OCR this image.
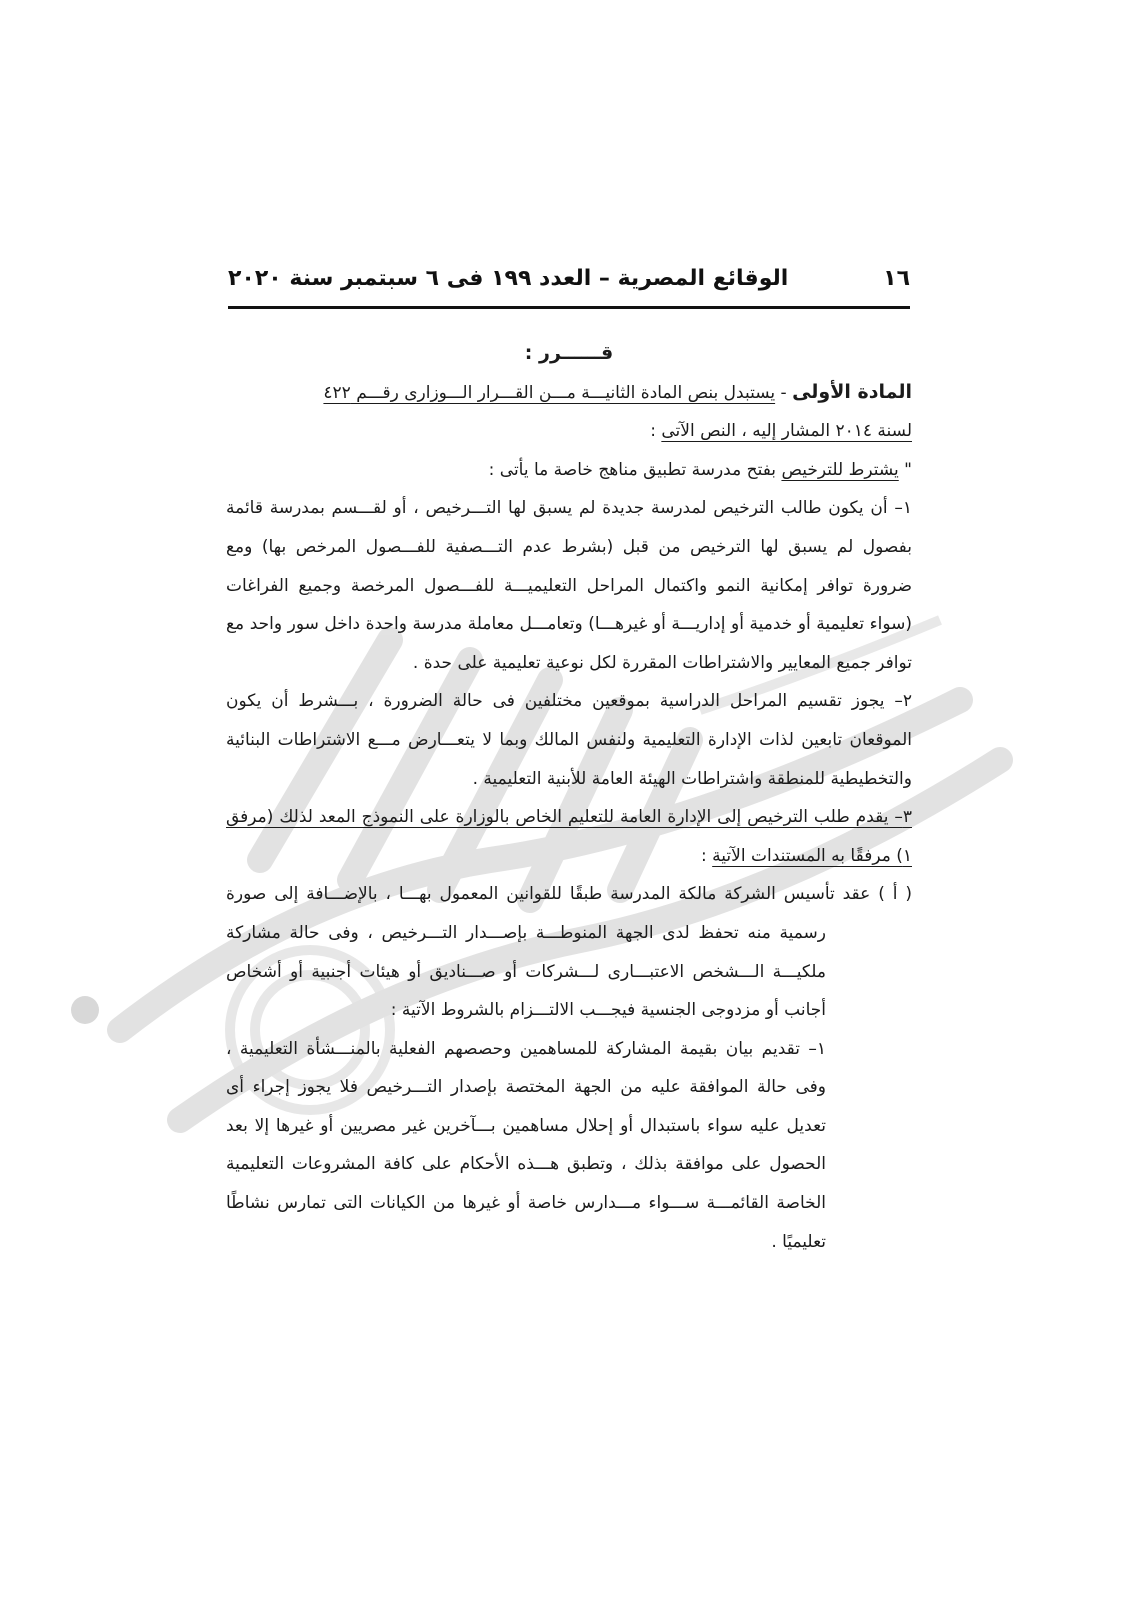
١٦
الوقائع المصرية – العدد ١٩٩ فى ٦ سبتمبر سنة ٢٠٢٠

قــــــرر :

المادة الأولى - يستبدل بنص المادة الثانيـــة مـــن القـــرار الـــوزارى رقـــم ٤٢٢
لسنة ٢٠١٤ المشار إليه ، النص الآتى :

" يشترط للترخيص بفتح مدرسة تطبيق مناهج خاصة ما يأتى :

١– أن يكون طالب الترخيص لمدرسة جديدة لم يسبق لها التـــرخيص ، أو لقـــسم بمدرسة قائمة بفصول لم يسبق لها الترخيص من قبل (بشرط عدم التـــصفية للفـــصول المرخص بها) ومع ضرورة توافر إمكانية النمو واكتمال المراحل التعليميـــة للفـــصول المرخصة وجميع الفراغات (سواء تعليمية أو خدمية أو إداريـــة أو غيرهـــا) وتعامـــل معاملة مدرسة واحدة داخل سور واحد مع توافر جميع المعايير والاشتراطات المقررة لكل نوعية تعليمية على حدة .

٢– يجوز تقسيم المراحل الدراسية بموقعين مختلفين فى حالة الضرورة ، بـــشرط أن يكون الموقعان تابعين لذات الإدارة التعليمية ولنفس المالك وبما لا يتعـــارض مـــع الاشتراطات البنائية والتخطيطية للمنطقة واشتراطات الهيئة العامة للأبنية التعليمية .

٣– يقدم طلب الترخيص إلى الإدارة العامة للتعليم الخاص بالوزارة على النموذج المعد لذلك (مرفق ١) مرفقًا به المستندات الآتية :

( أ ) عقد تأسيس الشركة مالكة المدرسة طبقًا للقوانين المعمول بهـــا ، بالإضـــافة إلى صورة رسمية منه تحفظ لدى الجهة المنوطـــة بإصـــدار التـــرخيص ، وفى حالة مشاركة ملكيـــة الـــشخص الاعتبـــارى لـــشركات أو صـــناديق أو هيئات أجنبية أو أشخاص أجانب أو مزدوجى الجنسية فيجـــب الالتـــزام بالشروط الآتية :

١– تقديم بيان بقيمة المشاركة للمساهمين وحصصهم الفعلية بالمنـــشأة التعليمية ، وفى حالة الموافقة عليه من الجهة المختصة بإصدار التـــرخيص فلا يجوز إجراء أى تعديل عليه سواء باستبدال أو إحلال مساهمين بـــآخرين غير مصريين أو غيرها إلا بعد الحصول على موافقة بذلك ، وتطبق هـــذه الأحكام على كافة المشروعات التعليمية الخاصة القائمـــة ســـواء مـــدارس خاصة أو غيرها من الكيانات التى تمارس نشاطًا تعليميًا .
